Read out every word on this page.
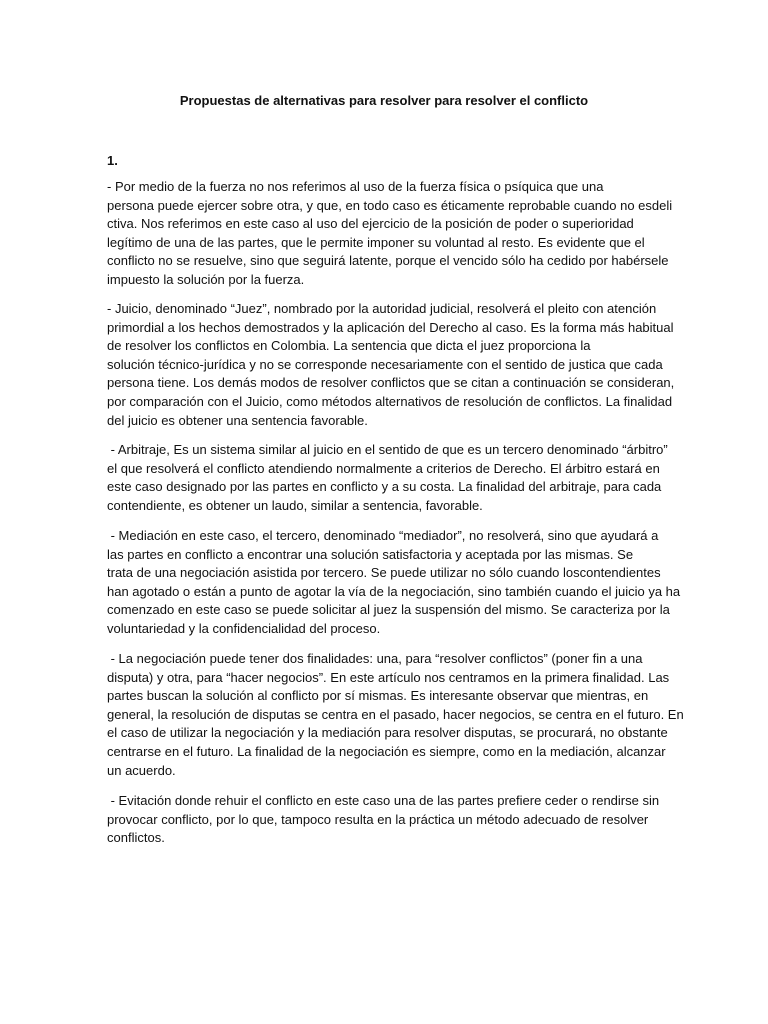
Propuestas de alternativas para resolver para resolver el conflicto
1.
- Por medio de la fuerza no nos referimos al uso de la fuerza física o psíquica que una
persona puede ejercer sobre otra, y que, en todo caso es éticamente reprobable cuando no esdeli
ctiva. Nos referimos en este caso al uso del ejercicio de la posición de poder o superioridad
legítimo de una de las partes, que le permite imponer su voluntad al resto. Es evidente que el
conflicto no se resuelve, sino que seguirá latente, porque el vencido sólo ha cedido por habérsele
impuesto la solución por la fuerza.
- Juicio, denominado “Juez”, nombrado por la autoridad judicial, resolverá el pleito con atención
primordial a los hechos demostrados y la aplicación del Derecho al caso. Es la forma más habitual
de resolver los conflictos en Colombia. La sentencia que dicta el juez proporciona la
solución técnico-jurídica y no se corresponde necesariamente con el sentido de justica que cada
persona tiene. Los demás modos de resolver conflictos que se citan a continuación se consideran,
por comparación con el Juicio, como métodos alternativos de resolución de conflictos. La finalidad
del juicio es obtener una sentencia favorable.
- Arbitraje, Es un sistema similar al juicio en el sentido de que es un tercero denominado “árbitro”
el que resolverá el conflicto atendiendo normalmente a criterios de Derecho. El árbitro estará en
este caso designado por las partes en conflicto y a su costa. La finalidad del arbitraje, para cada
contendiente, es obtener un laudo, similar a sentencia, favorable.
- Mediación en este caso, el tercero, denominado “mediador”, no resolverá, sino que ayudará a
las partes en conflicto a encontrar una solución satisfactoria y aceptada por las mismas. Se
trata de una negociación asistida por tercero. Se puede utilizar no sólo cuando loscontendientes
han agotado o están a punto de agotar la vía de la negociación, sino también cuando el juicio ya ha
comenzado en este caso se puede solicitar al juez la suspensión del mismo. Se caracteriza por la
voluntariedad y la confidencialidad del proceso.
- La negociación puede tener dos finalidades: una, para “resolver conflictos” (poner fin a una
disputa) y otra, para “hacer negocios”. En este artículo nos centramos en la primera finalidad. Las
partes buscan la solución al conflicto por sí mismas. Es interesante observar que mientras, en
general, la resolución de disputas se centra en el pasado, hacer negocios, se centra en el futuro. En
el caso de utilizar la negociación y la mediación para resolver disputas, se procurará, no obstante
centrarse en el futuro. La finalidad de la negociación es siempre, como en la mediación, alcanzar
un acuerdo.
- Evitación donde rehuir el conflicto en este caso una de las partes prefiere ceder o rendirse sin
provocar conflicto, por lo que, tampoco resulta en la práctica un método adecuado de resolver
conflictos.
